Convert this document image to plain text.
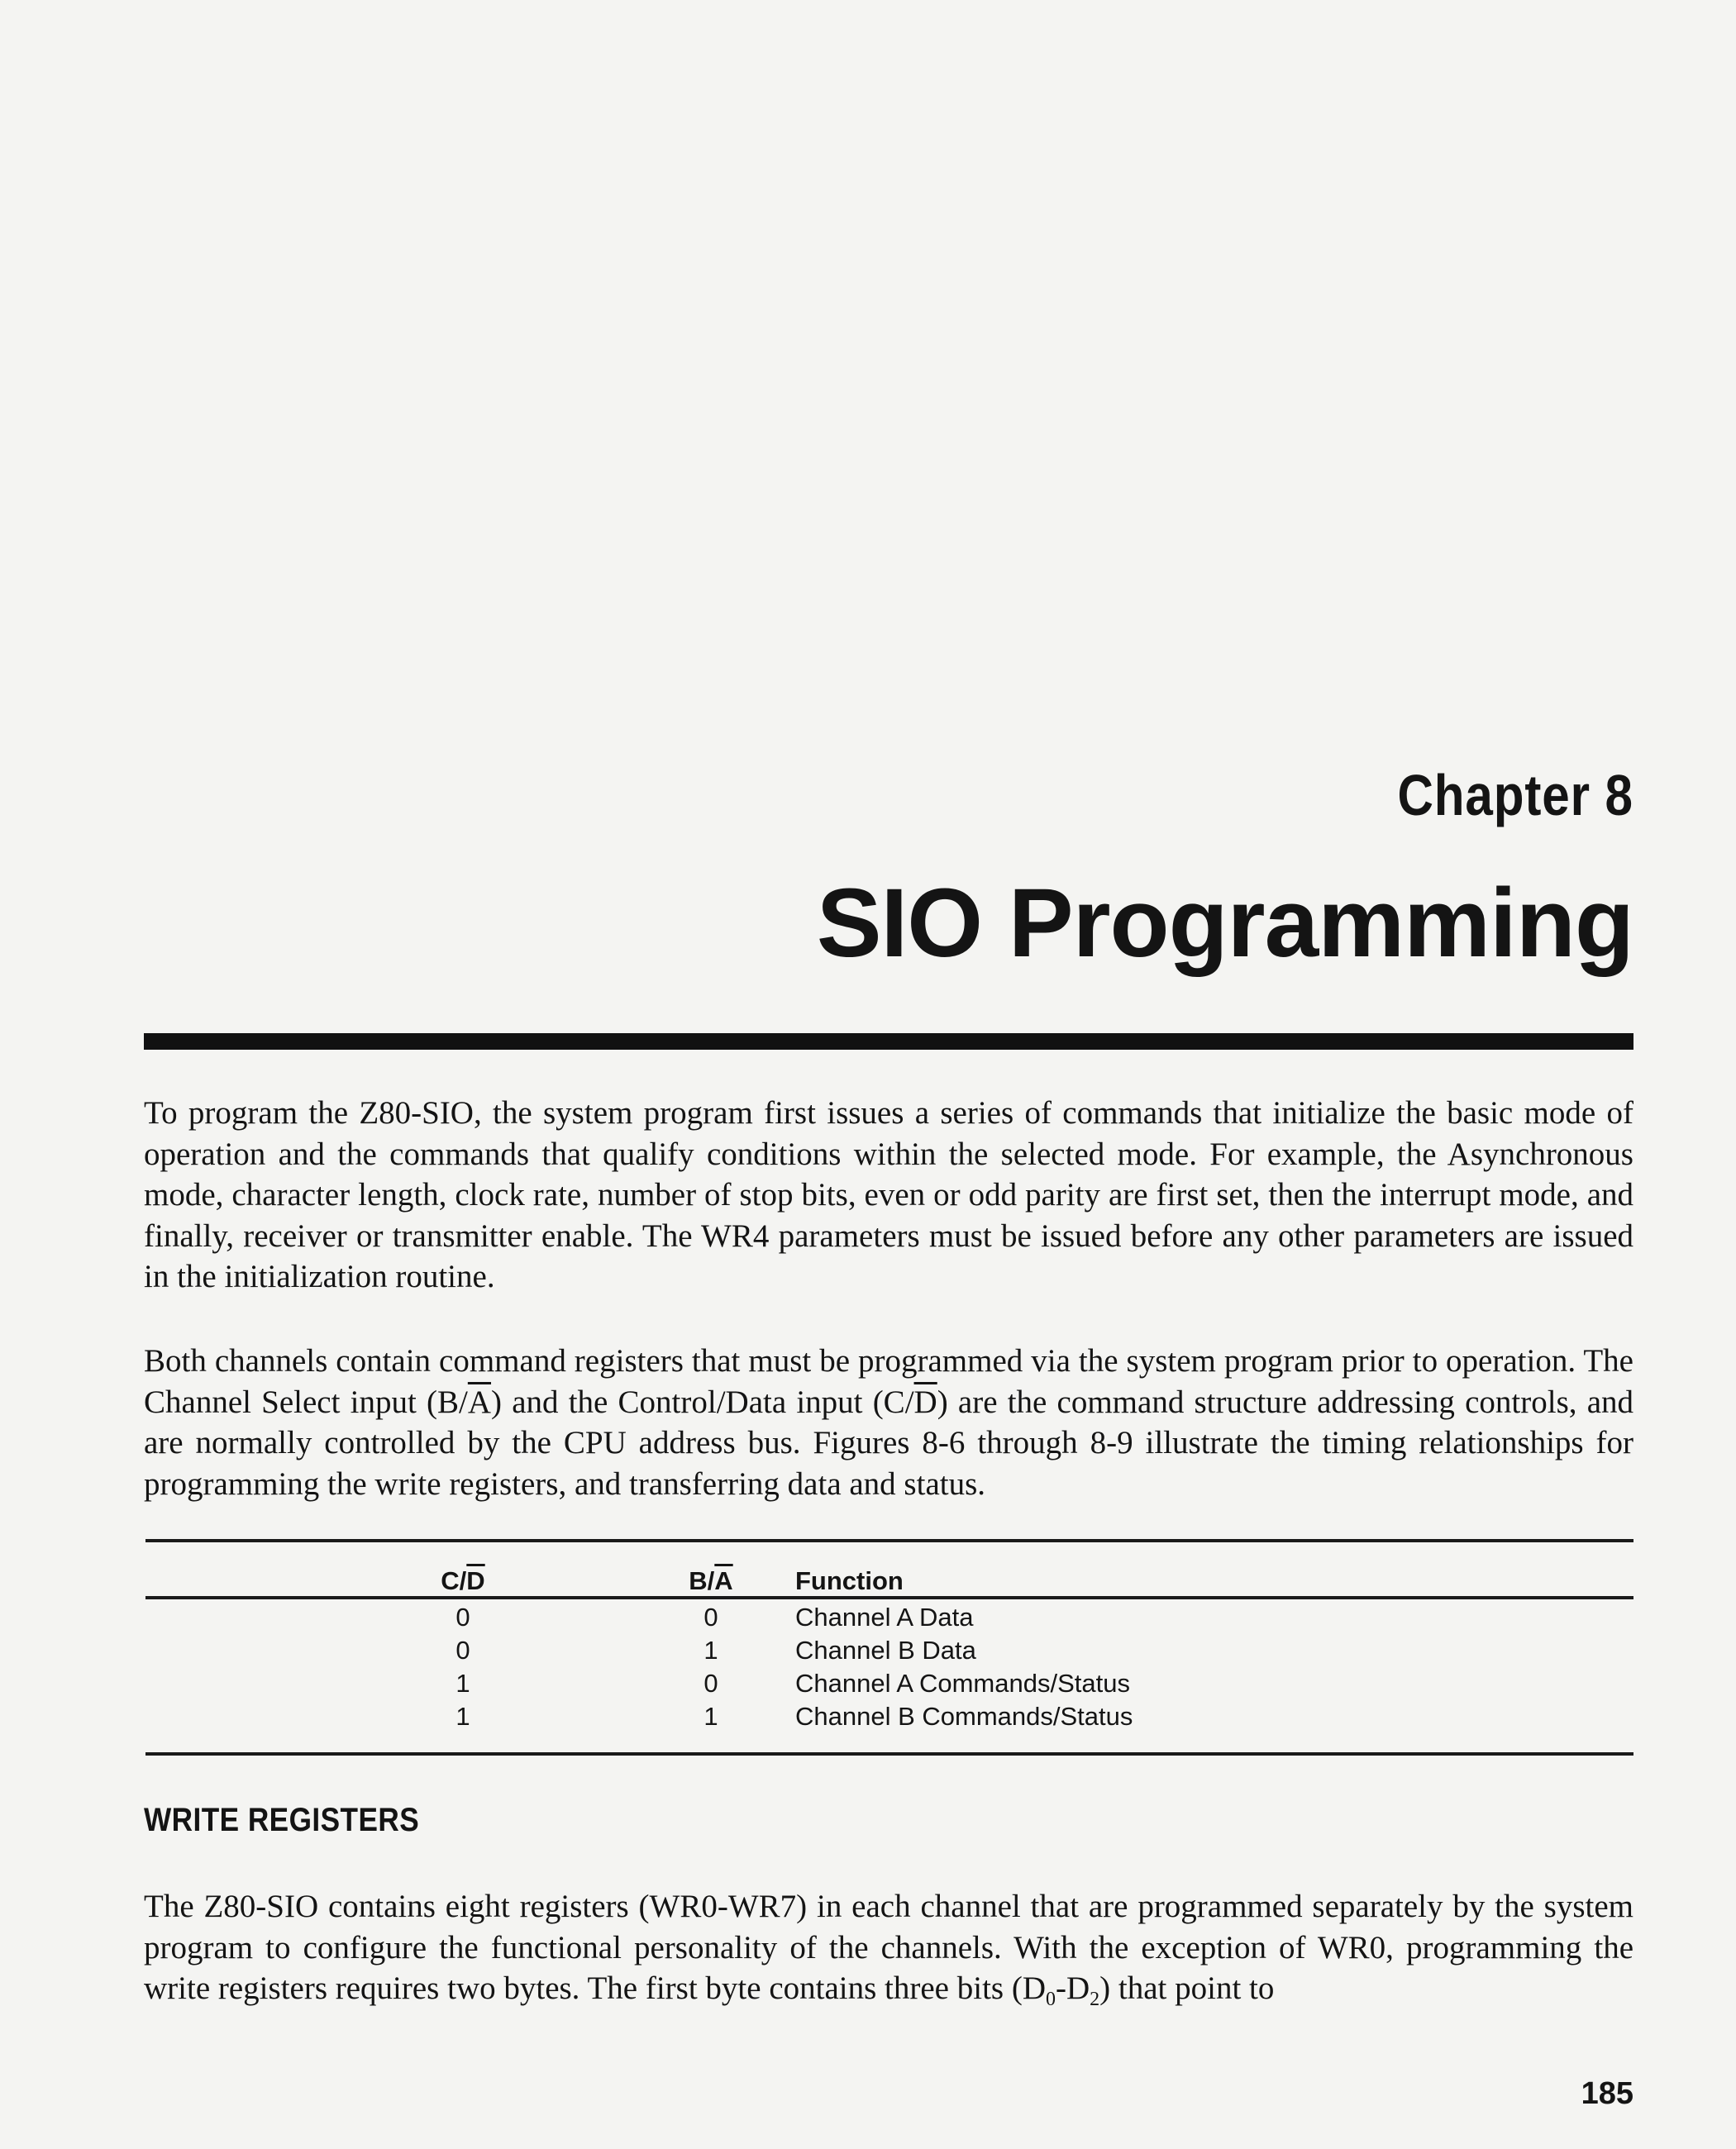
Chapter 8
SIO Programming

To program the Z80-SIO, the system program first issues a series of commands that initialize the basic mode of operation and the commands that qualify conditions within the selected mode. For example, the Asynchronous mode, character length, clock rate, number of stop bits, even or odd parity are first set, then the interrupt mode, and finally, receiver or transmitter enable. The WR4 parameters must be issued before any other parameters are issued in the initialization routine.

Both channels contain command registers that must be programmed via the system program prior to operation. The Channel Select input $(B/\overline{A})$ and the Control/Data input $(C/\overline{D})$ are the command structure addressing controls, and are normally controlled by the CPU address bus. Figures 8-6 through 8-9 illustrate the timing relationships for programming the write registers, and transferring data and status.

$C/\overline{D}$	$B/\overline{A}$	Function
0	0	Channel A Data
0	1	Channel B Data
1	0	Channel A Commands/Status
1	1	Channel B Commands/Status
WRITE REGISTERS

The Z80-SIO contains eight registers (WR0-WR7) in each channel that are programmed separately by the system program to configure the functional personality of the channels. With the exception of WR0, programming the write registers requires two bytes. The first byte contains three bits $(D_0-D_2)$ that point to

185
